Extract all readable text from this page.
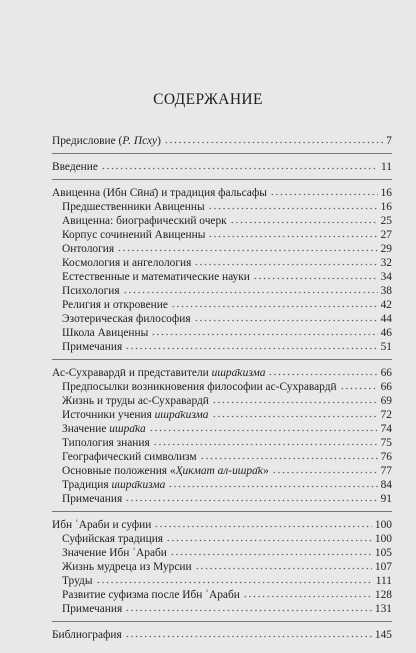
СОДЕРЖАНИЕ
Предисловие (Р. Псху)	7
Введение	11
Авиценна (Ибн Сӣна̄) и традиция фальсафы	16
Предшественники Авиценны	16
Авиценна: биографический очерк	25
Корпус сочинений Авиценны	27
Онтология	29
Космология и ангелология	32
Естественные и математические науки	34
Психология	38
Религия и откровение	42
Эзотерическая философия	44
Школа Авиценны	46
Примечания	51
Ас-Сухравардӣ и представители ишра̄кизма	66
Предпосылки возникновения философии ас-Сухравардӣ	66
Жизнь и труды ас-Сухравардӣ	69
Источники учения ишра̄кизма	72
Значение ишра̄ка	74
Типология знания	75
Географический символизм	76
Основные положения «Ҳикмат ал-ишра̄к»	77
Традиция ишра̄кизма	84
Примечания	91
Ибн ʿАраби и суфии	100
Суфийская традиция	100
Значение Ибн ʿАраби	105
Жизнь мудреца из Мурсии	107
Труды	111
Развитие суфизма после Ибн ʿАраби	128
Примечания	131
Библиография	145
